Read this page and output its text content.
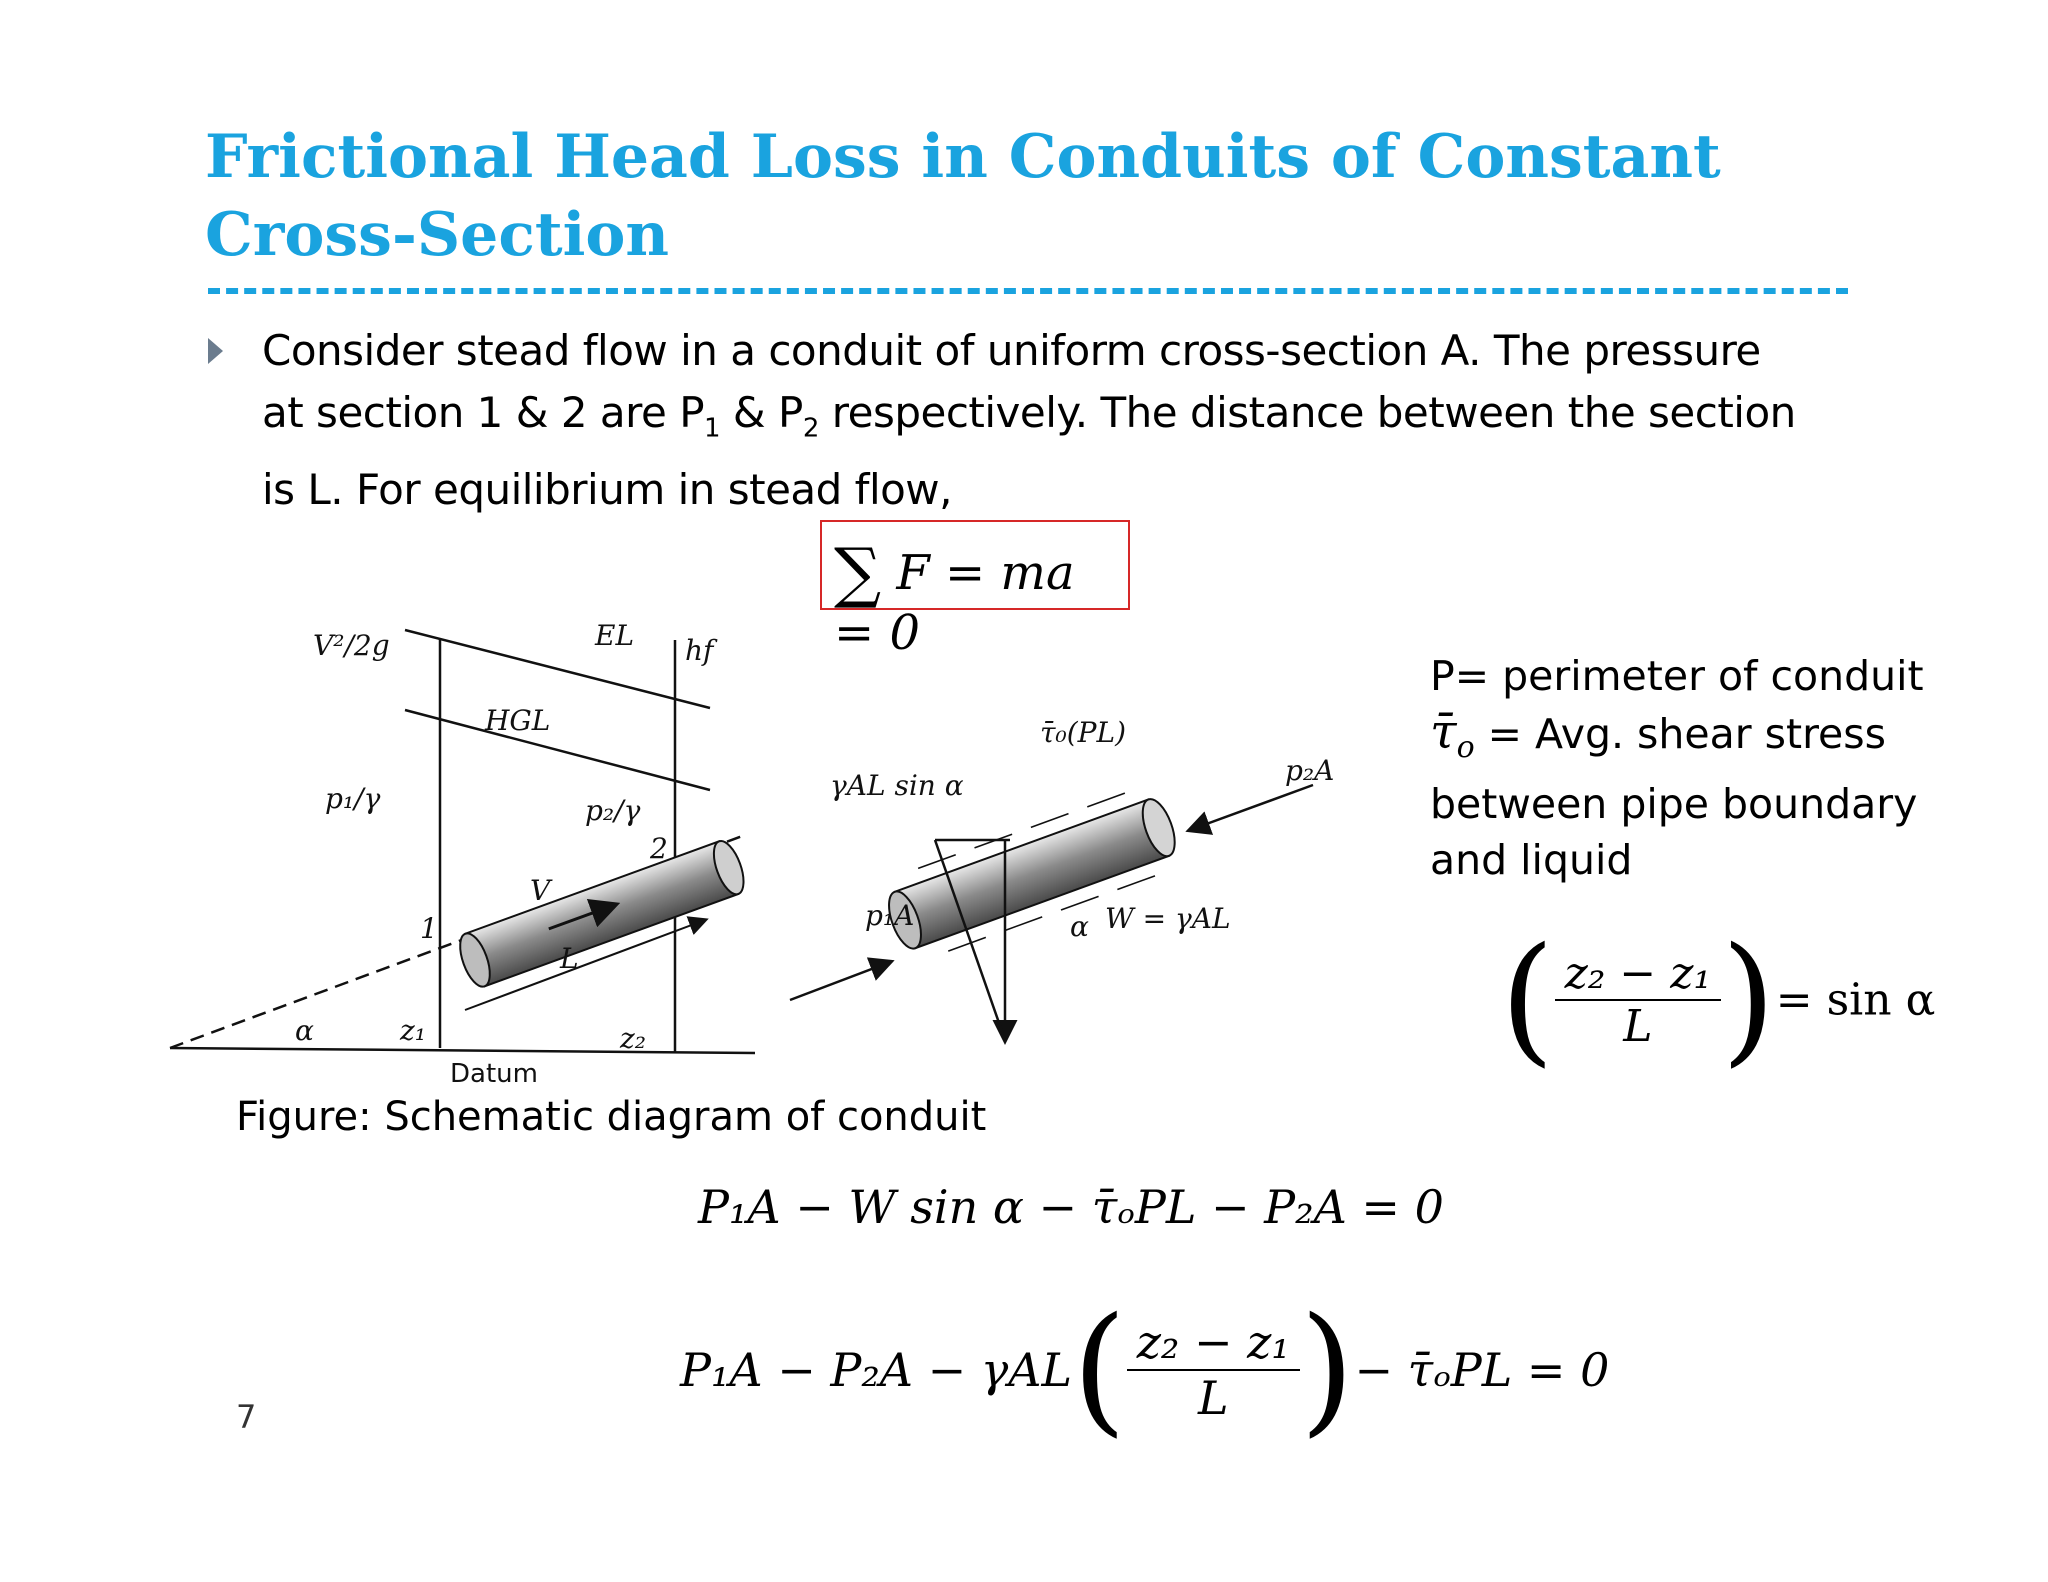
Frictional Head Loss in Conduits of Constant Cross-Section

Consider stead flow in a conduit of uniform cross-section A. The pressure
at section 1 & 2 are $P_1$ & $P_2$ respectively. The distance between the section
is L. For equilibrium in stead flow,

∑ F = ma = 0
V²/2g	EL hf
HGL
p₁/γ	p₂/γ
1
2
V
L
α	z₁	z₂
Datum
τ̄₀(PL)
γAL sin α	p₂A
p₁A	α W = γAL
Figure: Schematic diagram of conduit
P= perimeter of conduit
$\taū_o$ = Avg. shear stress
between pipe boundary
and liquid
( $\frac{\text{z₂ − z₁}}{L}$ )= sin α
P₁A − W sin α − τ̄ₒPL − P₂A = 0
$P_1A - P_2A - \gamma AL( \frac{\text{z₂ − z₁}}{L}$ )− τ̄ₒPL = 0
7
